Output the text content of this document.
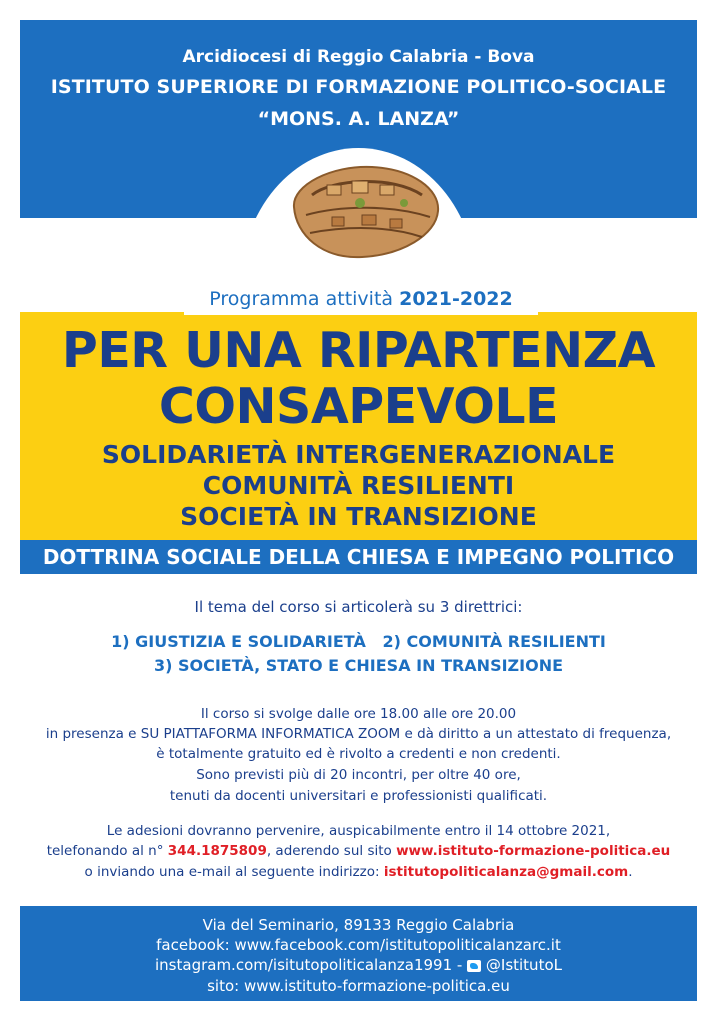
Arcidiocesi di Reggio Calabria - Bova
ISTITUTO SUPERIORE DI FORMAZIONE POLITICO-SOCIALE
“MONS. A. LANZA”
PER UNA RIPARTENZA
CONSAPEVOLE
SOLIDARIETÀ INTERGENERAZIONALE
COMUNITÀ RESILIENTI
SOCIETÀ IN TRANSIZIONE
Programma attività 2021-2022
DOTTRINA SOCIALE DELLA CHIESA E IMPEGNO POLITICO
Il tema del corso si articolerà su 3 direttrici:
1) GIUSTIZIA E SOLIDARIETÀ   2) COMUNITÀ RESILIENTI
3) SOCIETÀ, STATO E CHIESA IN TRANSIZIONE
Il corso si svolge dalle ore 18.00 alle ore 20.00
in presenza e SU PIATTAFORMA INFORMATICA ZOOM e dà diritto a un attestato di frequenza,
è totalmente gratuito ed è rivolto a credenti e non credenti.
Sono previsti più di 20 incontri, per oltre 40 ore,
tenuti da docenti universitari e professionisti qualificati.
Le adesioni dovranno pervenire, auspicabilmente entro il 14 ottobre 2021,
telefonando al n° 344.1875809, aderendo sul sito www.istituto-formazione-politica.eu
o inviando una e-mail al seguente indirizzo: istitutopoliticalanza@gmail.com.
Via del Seminario, 89133 Reggio Calabria
facebook: www.facebook.com/istitutopoliticalanzarc.it
instagram.com/isitutopoliticalanza1991 - @IstitutoL
sito: www.istituto-formazione-politica.eu
